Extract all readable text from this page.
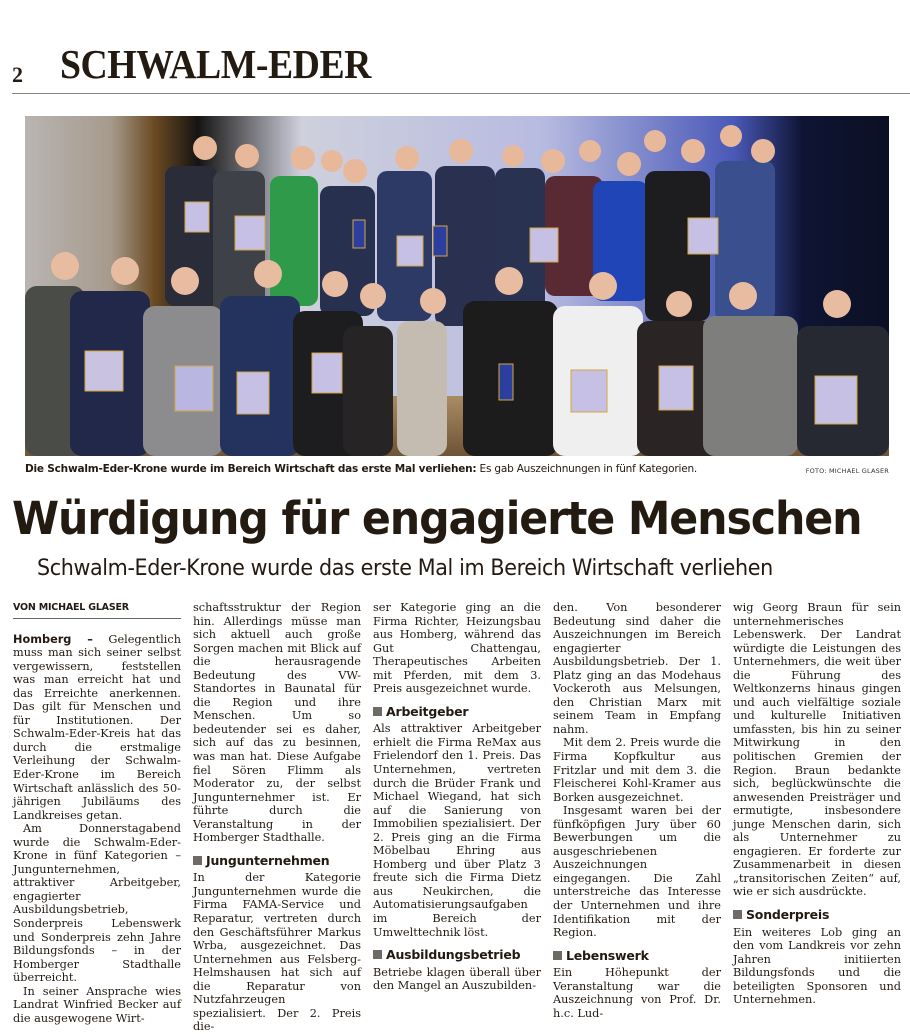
2 SCHWALM-EDER
Die Schwalm-Eder-Krone wurde im Bereich Wirtschaft das erste Mal verliehen: Es gab Auszeichnungen in fünf Kategorien.	FOTO: MICHAEL GLASER
Würdigung für engagierte Menschen
Schwalm-Eder-Krone wurde das erste Mal im Bereich Wirtschaft verliehen
VON MICHAEL GLASER

Homberg – Gelegentlich muss man sich seiner selbst vergewissern, feststellen was man erreicht hat und das Erreichte anerkennen. Das gilt für Menschen und für Institutionen. Der Schwalm-Eder-Kreis hat das durch die erstmalige Verleihung der Schwalm-Eder-Krone im Bereich Wirtschaft anlässlich des 50-jährigen Jubiläums des Landkreises getan.

Am Donnerstagabend wurde die Schwalm-Eder-Krone in fünf Kategorien – Jungunternehmen, attraktiver Arbeitgeber, engagierter Ausbildungsbetrieb, Sonderpreis Lebenswerk und Sonderpreis zehn Jahre Bildungsfonds – in der Homberger Stadthalle überreicht.

In seiner Ansprache wies Landrat Winfried Becker auf die ausgewogene Wirt-

schaftsstruktur der Region hin. Allerdings müsse man sich aktuell auch große Sorgen machen mit Blick auf die herausragende Bedeutung des VW-Standortes in Baunatal für die Region und ihre Menschen. Um so bedeutender sei es daher, sich auf das zu besinnen, was man hat. Diese Aufgabe fiel Sören Flimm als Moderator zu, der selbst Jungunternehmer ist. Er führte durch die Veranstaltung in der Homberger Stadthalle.

Jungunternehmen

In der Kategorie Jungunternehmen wurde die Firma FAMA-Service und Reparatur, vertreten durch den Geschäftsführer Markus Wrba, ausgezeichnet. Das Unternehmen aus Felsberg-Helmshausen hat sich auf die Reparatur von Nutzfahrzeugen spezialisiert. Der 2. Preis die-

ser Kategorie ging an die Firma Richter, Heizungsbau aus Homberg, während das Gut Chattengau, Therapeutisches Arbeiten mit Pferden, mit dem 3. Preis ausgezeichnet wurde.

Arbeitgeber

Als attraktiver Arbeitgeber erhielt die Firma ReMax aus Frielendorf den 1. Preis. Das Unternehmen, vertreten durch die Brüder Frank und Michael Wiegand, hat sich auf die Sanierung von Immobilien spezialisiert. Der 2. Preis ging an die Firma Möbelbau Ehring aus Homberg und über Platz 3 freute sich die Firma Dietz aus Neukirchen, die Automatisierungsaufgaben im Bereich der Umwelttechnik löst.

Ausbildungsbetrieb

Betriebe klagen überall über den Mangel an Auszubilden-

den. Von besonderer Bedeutung sind daher die Auszeichnungen im Bereich engagierter Ausbildungsbetrieb. Der 1. Platz ging an das Modehaus Vockeroth aus Melsungen, den Christian Marx mit seinem Team in Empfang nahm.

Mit dem 2. Preis wurde die Firma Kopfkultur aus Fritzlar und mit dem 3. die Fleischerei Kohl-Kramer aus Borken ausgezeichnet.

Insgesamt waren bei der fünfköpfigen Jury über 60 Bewerbungen um die ausgeschriebenen Auszeichnungen eingegangen. Die Zahl unterstreiche das Interesse der Unternehmen und ihre Identifikation mit der Region.

Lebenswerk

Ein Höhepunkt der Veranstaltung war die Auszeichnung von Prof. Dr. h.c. Lud-

wig Georg Braun für sein unternehmerisches Lebenswerk. Der Landrat würdigte die Leistungen des Unternehmers, die weit über die Führung des Weltkonzerns hinaus gingen und auch vielfältige soziale und kulturelle Initiativen umfassten, bis hin zu seiner Mitwirkung in den politischen Gremien der Region. Braun bedankte sich, beglückwünschte die anwesenden Preisträger und ermutigte, insbesondere junge Menschen darin, sich als Unternehmer zu engagieren. Er forderte zur Zusammenarbeit in diesen „transitorischen Zeiten“ auf, wie er sich ausdrückte.

Sonderpreis

Ein weiteres Lob ging an den vom Landkreis vor zehn Jahren initiierten Bildungsfonds und die beteiligten Sponsoren und Unternehmen.
